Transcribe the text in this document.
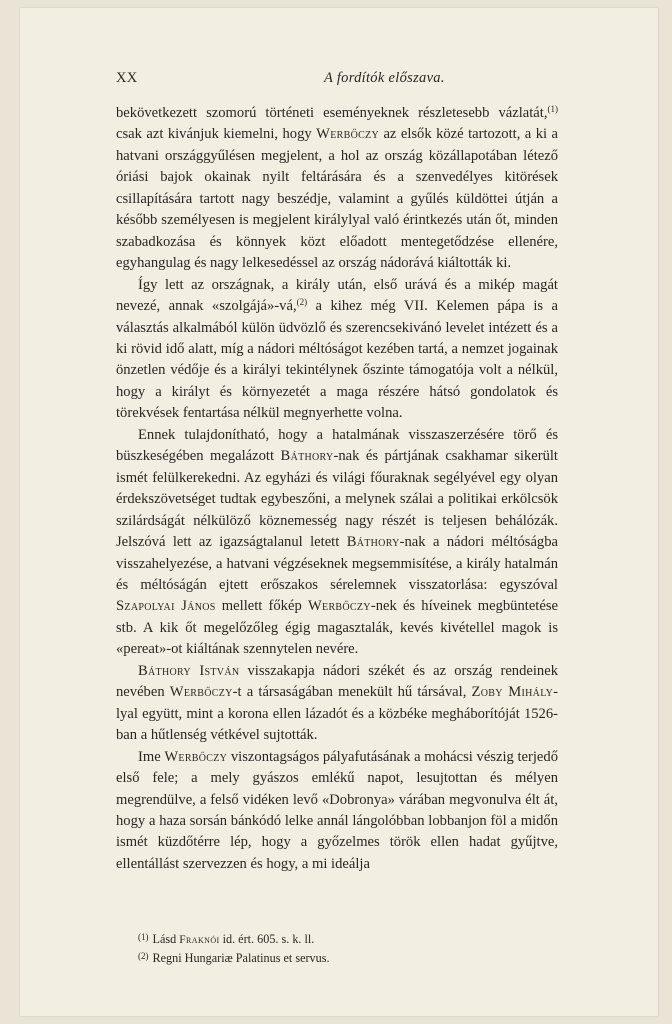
XX	A fordítók előszava.

bekövetkezett szomorú történeti eseményeknek részletesebb vázlatát,$^{(1)}$ csak azt kivánjuk kiemelni, hogy Werbőczy az elsők közé tartozott, a ki a hatvani országgyűlésen megjelent, a hol az ország közállapotában létező óriási bajok okainak nyilt feltárására és a szenvedélyes kitörések csillapítására tartott nagy beszédje, valamint a gyűlés küldöttei útján a később személyesen is megjelent királylyal való érintkezés után őt, minden szabadkozása és könnyek közt előadott mentegetődzése ellenére, egyhangulag és nagy lelkesedéssel az ország nádorává kiáltották ki.

Így lett az országnak, a király után, első urává és a mikép magát nevezé, annak «szolgájá»-vá,$^{(2)}$ a kihez még VII. Kelemen pápa is a választás alkalmából külön üdvözlő és szerencsekivánó levelet intézett és a ki rövid idő alatt, míg a nádori méltóságot kezében tartá, a nemzet jogainak önzetlen védője és a királyi tekintélynek őszinte támogatója volt a nélkül, hogy a királyt és környezetét a maga részére hátsó gondolatok és törekvések fentartása nélkül megnyerhette volna.

Ennek tulajdonítható, hogy a hatalmának visszaszerzésére törő és büszkeségében megalázott Báthory-nak és pártjának csakhamar sikerült ismét felülkerekedni. Az egyházi és világi főuraknak segélyével egy olyan érdekszövetséget tudtak egybeszőni, a melynek szálai a politikai erkölcsök szilárdságát nélkülöző köznemesség nagy részét is teljesen behálózák. Jelszóvá lett az igazságtalanul letett Báthory-nak a nádori méltóságba visszahelyezése, a hatvani végzéseknek megsemmisítése, a király hatalmán és méltóságán ejtett erőszakos sérelemnek visszatorlása: egyszóval Szapolyai János mellett főkép Werbőczy-nek és híveinek megbüntetése stb. A kik őt megelőzőleg égig magasztalák, kevés kivétellel magok is «pereat»-ot kiáltának szennytelen nevére.

Báthory István visszakapja nádori székét és az ország rendeinek nevében Werbőczy-t a társaságában menekült hű társával, Zoby Mihály-lyal együtt, mint a korona ellen lázadót és a közbéke megháborítóját 1526-ban a hűtlenség vétkével sujtották.

Ime Werbőczy viszontagságos pályafutásának a mohácsi vészig terjedő első fele; a mely gyászos emlékű napot, lesujtottan és mélyen megrendülve, a felső vidéken levő «Dobronya» várában megvonulva élt át, hogy a haza sorsán bánkódó lelke annál lángolóbban lobbanjon föl a midőn ismét küzdőtérre lép, hogy a győzelmes török ellen hadat gyűjtve, ellentállást szervezzen és hogy, a mi ideálja

$^{(1)}$ Lásd Fraknói id. ért. 605. s. k. ll.
$^{(2)}$ Regni Hungariæ Palatinus et servus.
